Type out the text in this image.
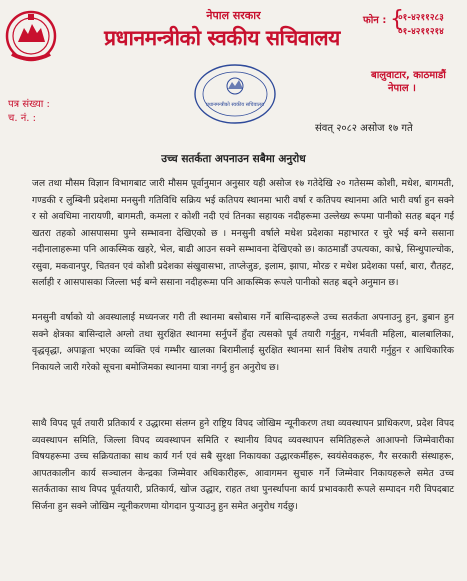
नेपाल सरकार
प्रधानमन्त्रीको स्वकीय सचिवालय
फोन : {
०१-४२११२८३
०१-४२११२१४
बालुवाटार, काठमाडौं
नेपाल ।
पत्र संख्या :
च. नं. :
प्रधानमन्त्रीको स्वकीय सचिवालय
संवत् २०८२ असोज १७ गते
उच्च सतर्कता अपनाउन सबैमा अनुरोध

जल तथा मौसम विज्ञान विभागबाट जारी मौसम पूर्वानुमान अनुसार यही असोज १७ गतेदेखि २० गतेसम्म कोशी, मधेश, बागमती, गण्डकी र लुम्बिनी प्रदेशमा मनसुनी गतिविधि सक्रिय भई कतिपय स्थानमा भारी वर्षा र कतिपय स्थानमा अति भारी वर्षा हुन सक्ने र सो अवधिमा नारायणी, बागमती, कमला र कोशी नदी एवं तिनका सहायक नदीहरूमा उल्लेख्य रूपमा पानीको सतह बढ्न गई खतरा तहको आसपासमा पुग्ने सम्भावना देखिएको छ । मनसुनी वर्षाले मधेश प्रदेशका महाभारत र चुरे भई बग्ने ससाना नदीनालाहरूमा पनि आकस्मिक खहरे, भेल, बाढी आउन सक्ने सम्भावना देखिएको छ। काठमाडौं उपत्यका, काभ्रे, सिन्धुपाल्चोक, रसुवा, मकवानपुर, चितवन एवं कोशी प्रदेशका संखुवासभा, ताप्लेजुङ, इलाम, झापा, मोरङ र मधेश प्रदेशका पर्सा, बारा, रौतहट, सर्लाही र आसपासका जिल्ला भई बग्ने ससाना नदीहरूमा पनि आकस्मिक रूपले पानीको सतह बढ्ने अनुमान छ।

मनसुनी वर्षाको यो अवस्थालाई मध्यनजर गरी ती स्थानमा बसोबास गर्ने बासिन्दाहरूले उच्च सतर्कता अपनाउनु हुन, डुबान हुन सक्ने क्षेत्रका बासिन्दाले अग्लो तथा सुरक्षित स्थानमा सर्नुपर्ने हुँदा त्यसको पूर्व तयारी गर्नुहुन, गर्भवती महिला, बालबालिका, वृद्धवृद्धा, अपाङ्गता भएका व्यक्ति एवं गम्भीर खालका बिरामीलाई सुरक्षित स्थानमा सार्न विशेष तयारी गर्नुहुन र आधिकारिक निकायले जारी गरेको सूचना बमोजिमका स्थानमा यात्रा नगर्नु हुन अनुरोध छ।

साथै विपद पूर्व तयारी प्रतिकार्य र उद्धारमा संलग्न हुने राष्ट्रिय विपद जोखिम न्यूनीकरण तथा व्यवस्थापन प्राधिकरण, प्रदेश विपद व्यवस्थापन समिति, जिल्ला विपद व्यवस्थापन समिति र स्थानीय विपद व्यवस्थापन समितिहरूले आआफ्नो जिम्मेवारीका विषयहरूमा उच्च सक्रियताका साथ कार्य गर्न एवं सबै सुरक्षा निकायका उद्धारकर्मीहरू, स्वयंसेवकहरू, गैर सरकारी संस्थाहरू, आपतकालीन कार्य सञ्चालन केन्द्रका जिम्मेवार अधिकारीहरू, आवागमन सुचारु गर्ने जिम्मेवार निकायहरूले समेत उच्च सतर्कताका साथ विपद पूर्वतयारी, प्रतिकार्य, खोज उद्धार, राहत तथा पुनर्स्थापना कार्य प्रभावकारी रूपले सम्पादन गरी विपदबाट सिर्जना हुन सक्ने जोखिम न्यूनीकरणमा योगदान पुर्‍याउनु हुन समेत अनुरोध गर्दछु।
